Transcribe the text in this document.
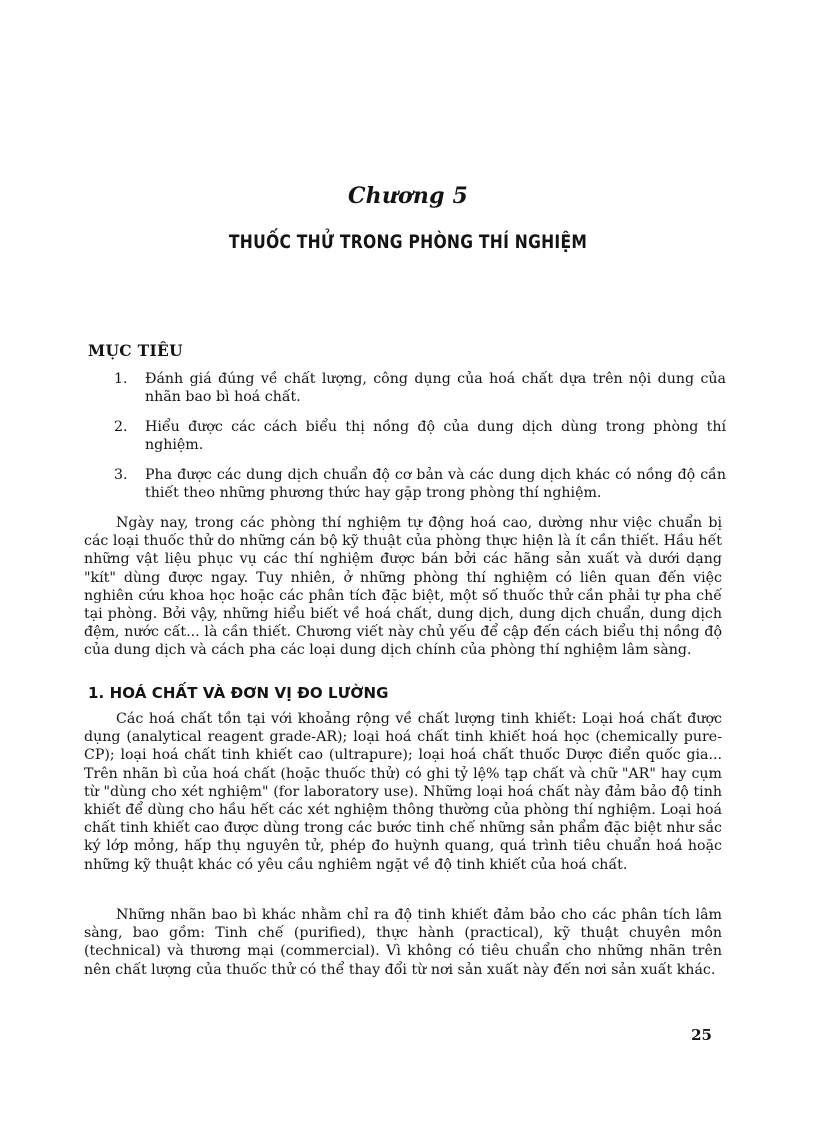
Chương 5
THUỐC THỬ TRONG PHÒNG THÍ NGHIỆM
MỤC TIÊU
1.	Đánh giá đúng về chất lượng, công dụng của hoá chất dựa trên nội dung của nhãn bao bì hoá chất.
2.	Hiểu được các cách biểu thị nồng độ của dung dịch dùng trong phòng thí nghiệm.
3.	Pha được các dung dịch chuẩn độ cơ bản và các dung dịch khác có nồng độ cần thiết theo những phương thức hay gặp trong phòng thí nghiệm.

Ngày nay, trong các phòng thí nghiệm tự động hoá cao, dường như việc chuẩn bị các loại thuốc thử do những cán bộ kỹ thuật của phòng thực hiện là ít cần thiết. Hầu hết những vật liệu phục vụ các thí nghiệm được bán bởi các hãng sản xuất và dưới dạng "kít" dùng được ngay. Tuy nhiên, ở những phòng thí nghiệm có liên quan đến việc nghiên cứu khoa học hoặc các phân tích đặc biệt, một số thuốc thử cần phải tự pha chế tại phòng. Bởi vậy, những hiểu biết về hoá chất, dung dịch, dung dịch chuẩn, dung dịch đệm, nước cất... là cần thiết. Chương viết này chủ yếu để cập đến cách biểu thị nồng độ của dung dịch và cách pha các loại dung dịch chính của phòng thí nghiệm lâm sàng.

1. HOÁ CHẤT VÀ ĐƠN VỊ ĐO LƯỜNG

Các hoá chất tồn tại với khoảng rộng về chất lượng tinh khiết: Loại hoá chất được dụng (analytical reagent grade-AR); loại hoá chất tinh khiết hoá học (chemically pure-CP); loại hoá chất tinh khiết cao (ultrapure); loại hoá chất thuốc Dược điển quốc gia... Trên nhãn bì của hoá chất (hoặc thuốc thử) có ghi tỷ lệ% tạp chất và chữ "AR" hay cụm từ "dùng cho xét nghiệm" (for laboratory use). Những loại hoá chất này đảm bảo độ tinh khiết để dùng cho hầu hết các xét nghiệm thông thường của phòng thí nghiệm. Loại hoá chất tinh khiết cao được dùng trong các bước tinh chế những sản phẩm đặc biệt như sắc ký lớp mỏng, hấp thụ nguyên tử, phép đo huỳnh quang, quá trình tiêu chuẩn hoá hoặc những kỹ thuật khác có yêu cầu nghiêm ngặt về độ tinh khiết của hoá chất.

Những nhãn bao bì khác nhằm chỉ ra độ tinh khiết đảm bảo cho các phân tích lâm sàng, bao gồm: Tinh chế (purified), thực hành (practical), kỹ thuật chuyên môn (technical) và thương mại (commercial). Vì không có tiêu chuẩn cho những nhãn trên nên chất lượng của thuốc thử có thể thay đổi từ nơi sản xuất này đến nơi sản xuất khác.

25
